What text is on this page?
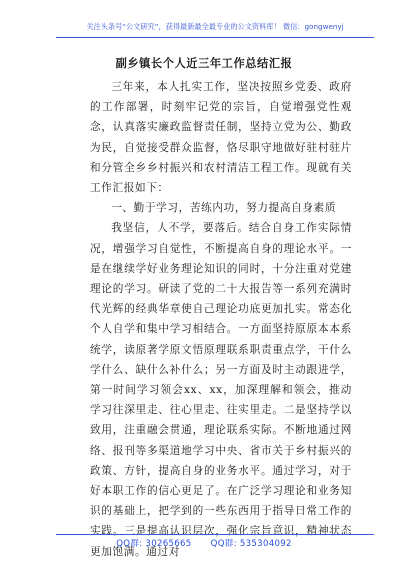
关注头条号“公文研究”，获得最新最全最专业的公文资料库！ 微信：gongwenyj
副乡镇长个人近三年工作总结汇报

三年来，本人扎实工作，坚决按照乡党委、政府的工作部署，时刻牢记党的宗旨，自觉增强党性观念，认真落实廉政监督责任制，坚持立党为公、勤政为民，自觉接受群众监督，恪尽职守地做好驻村驻片和分管全乡乡村振兴和农村清洁工程工作。现就有关工作汇报如下：

一、勤于学习，苦练内功，努力提高自身素质

我坚信，人不学，要落后。结合自身工作实际情况，增强学习自觉性，不断提高自身的理论水平。一是在继续学好业务理论知识的同时，十分注重对党建理论的学习。研读了党的二十大报告等一系列充满时代光辉的经典华章使自己理论功底更加扎实。常态化个人自学和集中学习相结合。一方面坚持原原本本系统学，读原著学原文悟原理联系职责重点学，干什么学什么、缺什么补什么；另一方面及时主动跟进学，第一时间学习领会xx、xx，加深理解和领会，推动学习往深里走、往心里走、往实里走。二是坚持学以致用，注重融会贯通，理论联系实际。不断地通过网络、报刊等多渠道地学习中央、省市关于乡村振兴的政策、方针，提高自身的业务水平。通过学习，对于好本职工作的信心更足了。在广泛学习理论和业务知识的基础上，把学到的一些东西用于指导日常工作的实践。三是提高认识层次，强化宗旨意识，精神状态更加饱满。通过对

QQ群: 30265665 QQ群: 535304092
